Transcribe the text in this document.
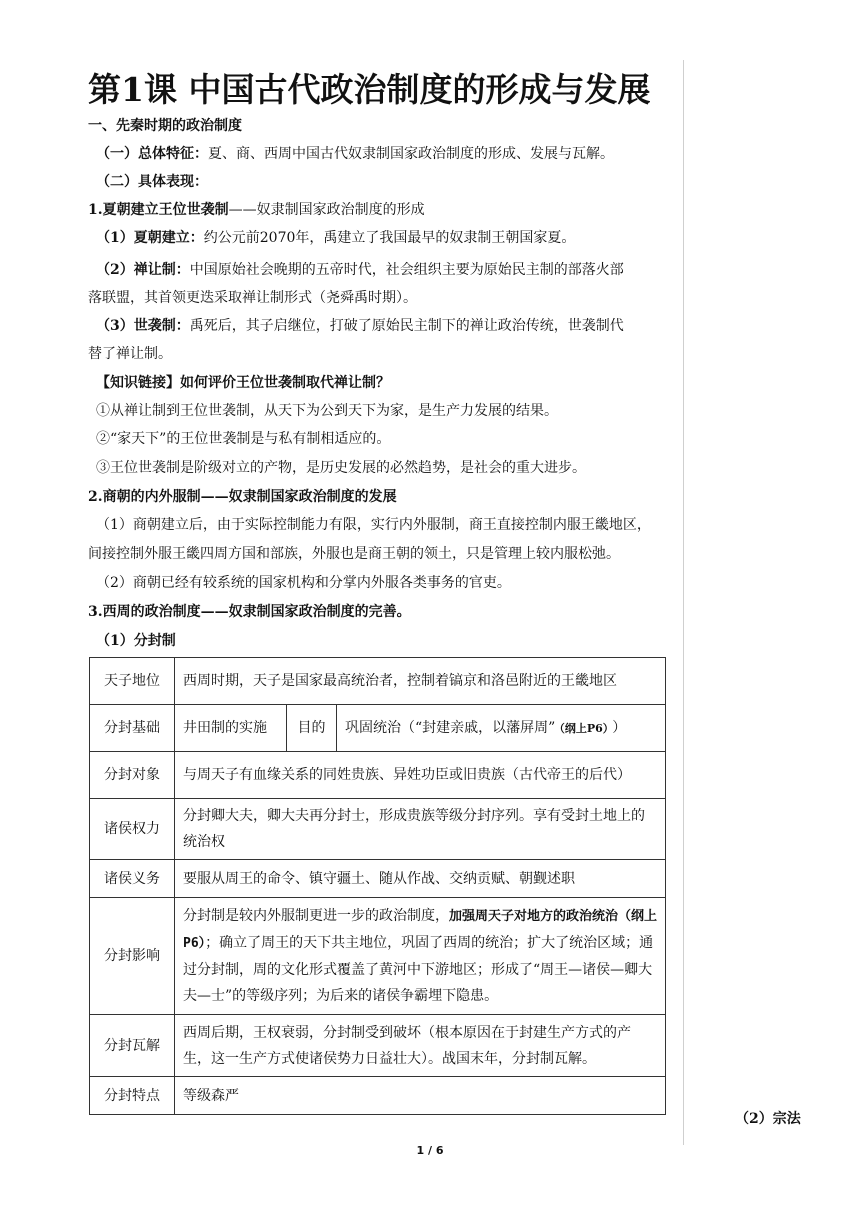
第1课 中国古代政治制度的形成与发展
一、先秦时期的政治制度
（一）总体特征：夏、商、西周中国古代奴隶制国家政治制度的形成、发展与瓦解。
（二）具体表现：
1.夏朝建立王位世袭制——奴隶制国家政治制度的形成
（1）夏朝建立：约公元前2070年，禹建立了我国最早的奴隶制王朝国家夏。
（2）禅让制：中国原始社会晚期的五帝时代，社会组织主要为原始民主制的部落火部
落联盟，其首领更迭采取禅让制形式（尧舜禹时期）。
（3）世袭制：禹死后，其子启继位，打破了原始民主制下的禅让政治传统，世袭制代
替了禅让制。
【知识链接】如何评价王位世袭制取代禅让制？
①从禅让制到王位世袭制，从天下为公到天下为家，是生产力发展的结果。
②“家天下”的王位世袭制是与私有制相适应的。
③王位世袭制是阶级对立的产物，是历史发展的必然趋势，是社会的重大进步。
2.商朝的内外服制——奴隶制国家政治制度的发展
（1）商朝建立后，由于实际控制能力有限，实行内外服制，商王直接控制内服王畿地区，
间接控制外服王畿四周方国和部族，外服也是商王朝的领土，只是管理上较内服松弛。
（2）商朝已经有较系统的国家机构和分掌内外服各类事务的官吏。
3.西周的政治制度——奴隶制国家政治制度的完善。
（1）分封制
天子地位	西周时期，天子是国家最高统治者，控制着镐京和洛邑附近的王畿地区		
分封基础	井田制的实施	目的	巩固统治（“封建亲戚，以藩屏周” （纲上P6） ）
分封对象	与周天子有血缘关系的同姓贵族、异姓功臣或旧贵族（古代帝王的后代）		
诸侯权力	分封卿大夫，卿大夫再分封士，形成贵族等级分封序列。享有受封土地上的统治权		
诸侯义务	要服从周王的命令、镇守疆土、随从作战、交纳贡赋、朝觐述职		
分封影响	分封制是较内外服制更进一步的政治制度，加强周天子对地方的政治统治（纲上P6）；确立了周王的天下共主地位，巩固了西周的统治；扩大了统治区域；通过分封制，周的文化形式覆盖了黄河中下游地区；形成了“周王—诸侯—卿大夫—士”的等级序列；为后来的诸侯争霸埋下隐患。		
分封瓦解	西周后期，王权衰弱，分封制受到破坏（根本原因在于封建生产方式的产生，这一生产方式使诸侯势力日益壮大）。战国末年，分封制瓦解。		
分封特点	等级森严		
（2）宗法
1 / 6
